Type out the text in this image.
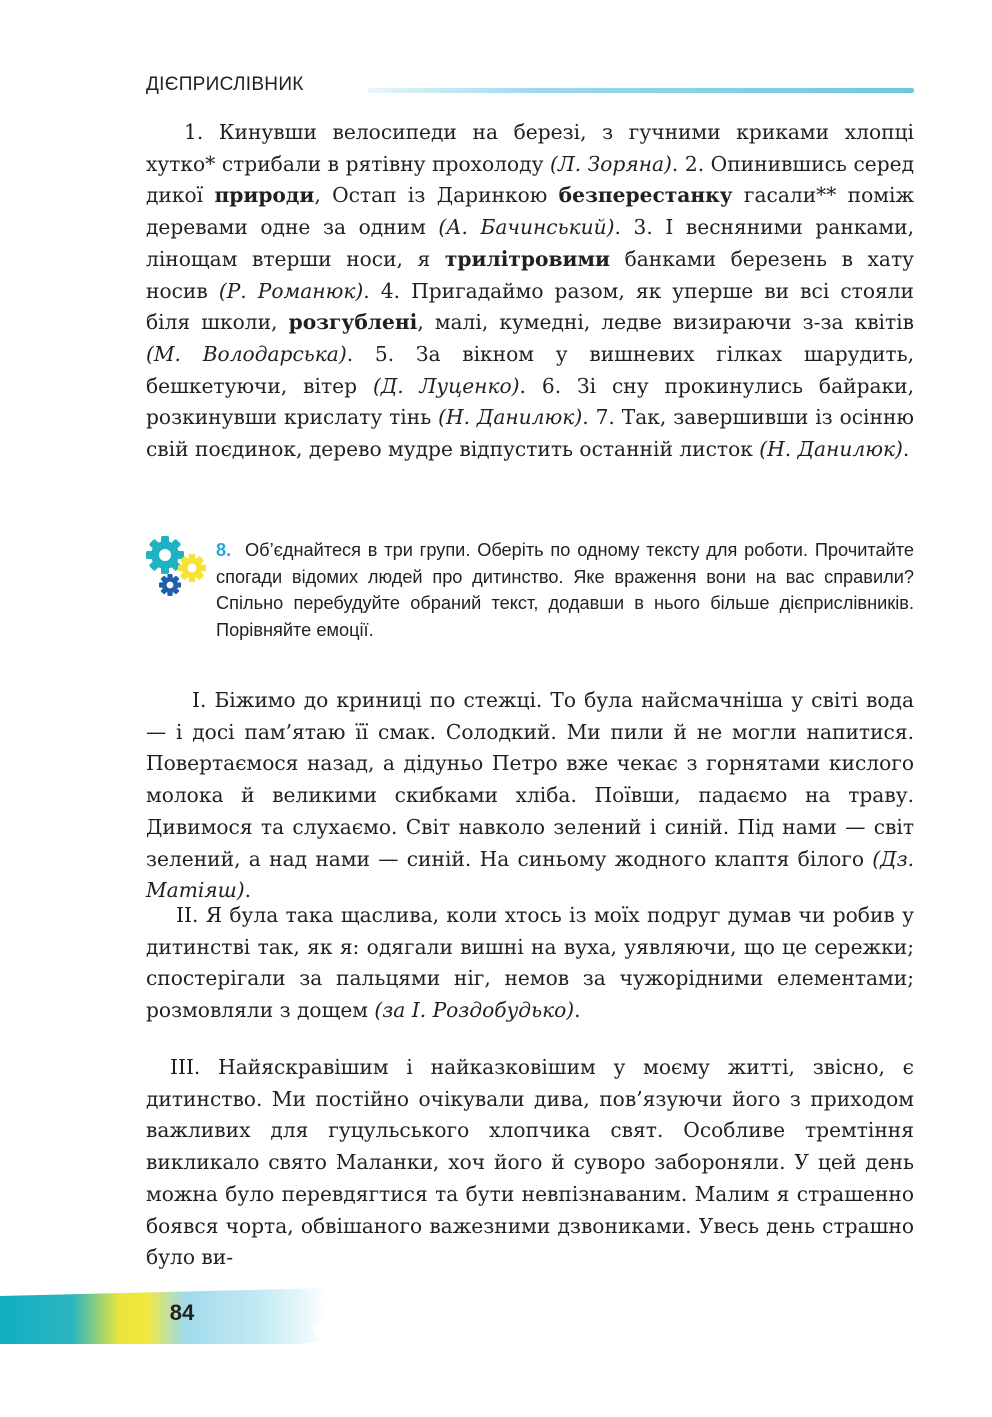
ДІЄПРИСЛІВНИК

1. Кинувши велосипеди на березі, з гучними криками хлопці хутко* стрибали в рятівну прохолоду (Л. Зоряна). 2. Опинившись серед дикої природи, Остап із Даринкою безперестанку гасали** поміж деревами одне за одним (А. Бачинський). 3. І весняними ранками, лінощам втерши носи, я трилітровими банками березень в хату носив (Р. Романюк). 4. Пригадаймо разом, як уперше ви всі стояли біля школи, розгублені, малі, кумедні, ледве визираючи з-за квітів (М. Володарська). 5. За вікном у вишневих гілках шарудить, бешкетуючи, вітер (Д. Луценко). 6. Зі сну прокинулись байраки, розкинувши крислату тінь (Н. Данилюк). 7. Так, завершивши із осінню свій поєдинок, дерево мудре відпустить останній листок (Н. Данилюк).

8. Об’єднайтеся в три групи. Оберіть по одному тексту для роботи. Прочитайте спогади відомих людей про дитинство. Яке враження вони на вас справили? Спільно перебудуйте обраний текст, додавши в нього більше дієприслівників. Порівняйте емоції.

I. Біжимо до криниці по стежці. То була найсмачніша у світі вода — і досі пам’ятаю її смак. Солодкий. Ми пили й не могли напитися. Повертаємося назад, а дідуньо Петро вже чекає з горнятами кислого молока й великими скибками хліба. Поївши, падаємо на траву. Дивимося та слухаємо. Світ навколо зелений і синій. Під нами — світ зелений, а над нами — синій. На синьому жодного клаптя білого (Дз. Матіяш).

II. Я була така щаслива, коли хтось із моїх подруг думав чи робив у дитинстві так, як я: одягали вишні на вуха, уявляючи, що це сережки; спостерігали за пальцями ніг, немов за чужорідними елементами; розмовляли з дощем (за І. Роздобудько).

III. Найяскравішим і найказковішим у моєму житті, звісно, є дитинство. Ми постійно очікували дива, пов’язуючи його з приходом важливих для гуцульського хлопчика свят. Особливе тремтіння викликало свято Маланки, хоч його й суворо забороняли. У цей день можна було перевдягтися та бути невпізнаваним. Малим я страшенно боявся чорта, обвішаного важезними дзвониками. Увесь день страшно було ви-

84
